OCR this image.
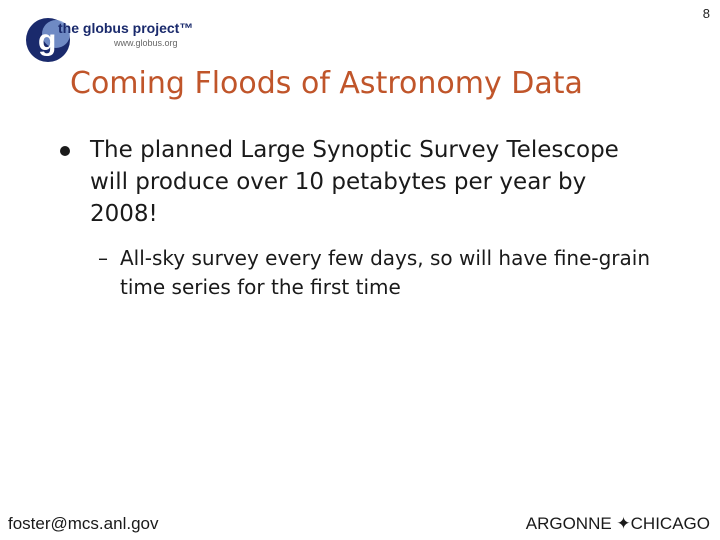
g the globus project™
www.globus.org
8
Coming Floods of Astronomy Data
The planned Large Synoptic Survey Telescope will produce over 10 petabytes per year by 2008!
– All-sky survey every few days, so will have fine-grain time series for the first time
foster@mcs.anl.gov	ARGONNE ✦CHICAGO
